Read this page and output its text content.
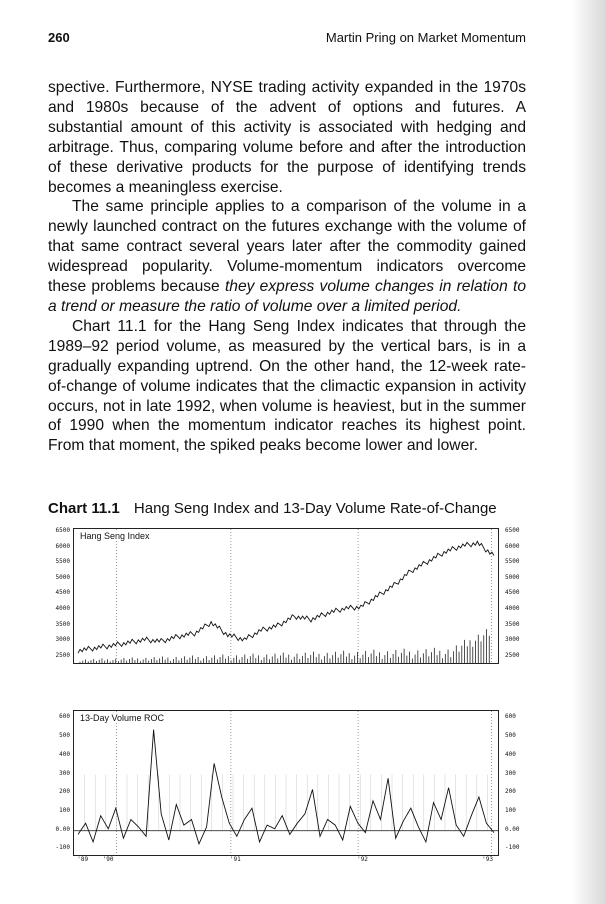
260	Martin Pring on Market Momentum

spective. Furthermore, NYSE trading activity expanded in the 1970s and 1980s because of the advent of options and futures. A substantial amount of this activity is associated with hedging and arbitrage. Thus, comparing volume before and after the introduction of these derivative products for the purpose of identifying trends becomes a meaningless exercise.

The same principle applies to a comparison of the volume in a newly launched contract on the futures exchange with the volume of that same contract several years later after the commodity gained widespread popularity. Volume-momentum indicators overcome these problems because they express volume changes in relation to a trend or measure the ratio of volume over a limited period.

Chart 11.1 for the Hang Seng Index indicates that through the 1989–92 period volume, as measured by the vertical bars, is in a gradually expanding uptrend. On the other hand, the 12-week rate-of-change of volume indicates that the climactic expansion in activity occurs, not in late 1992, when volume is heaviest, but in the summer of 1990 when the momentum indicator reaches its highest point. From that moment, the spiked peaks become lower and lower.

Chart 11.1 Hang Seng Index and 13-Day Volume Rate-of-Change
6500
6000
5500
5000
4500
4000
3500
3000
2500
6500
6000
5500
5000
4500
4000
3500
3000
2500
Hang Seng Index
600
500
400
300
200
100
0.00
-100
600
500
400
300
200
100
0.00
-100
13-Day Volume ROC
'89 '90	'91	'92	'93
